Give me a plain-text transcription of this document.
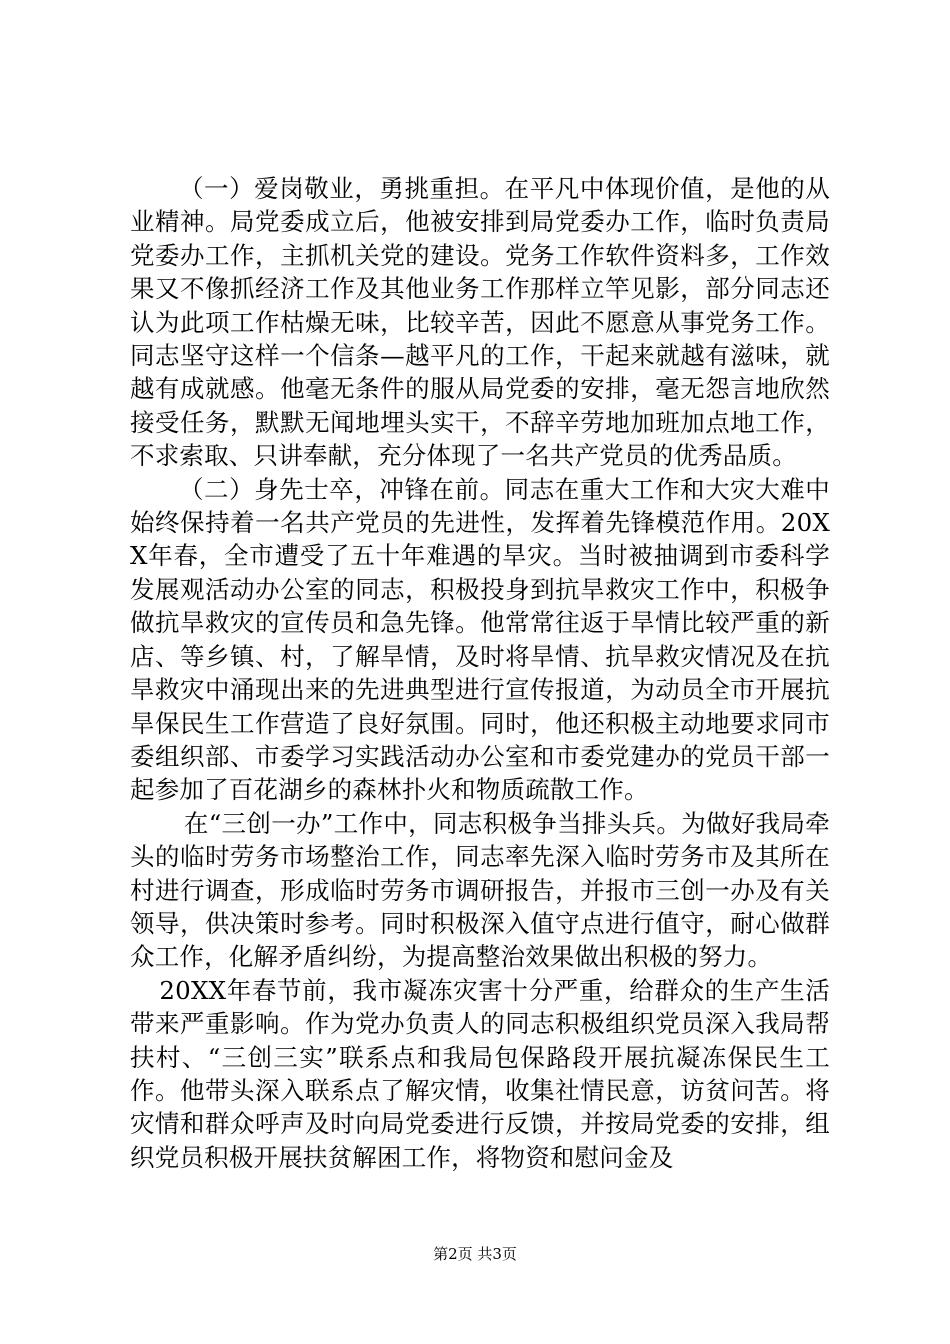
（一）爱岗敬业，勇挑重担。在平凡中体现价值，是他的从业精神。局党委成立后，他被安排到局党委办工作，临时负责局党委办工作，主抓机关党的建设。党务工作软件资料多，工作效果又不像抓经济工作及其他业务工作那样立竿见影，部分同志还认为此项工作枯燥无味，比较辛苦，因此不愿意从事党务工作。同志坚守这样一个信条—越平凡的工作，干起来就越有滋味，就越有成就感。他毫无条件的服从局党委的安排，毫无怨言地欣然接受任务，默默无闻地埋头实干，不辞辛劳地加班加点地工作，不求索取、只讲奉献，充分体现了一名共产党员的优秀品质。

（二）身先士卒，冲锋在前。同志在重大工作和大灾大难中始终保持着一名共产党员的先进性，发挥着先锋模范作用。20XX年春，全市遭受了五十年难遇的旱灾。当时被抽调到市委科学发展观活动办公室的同志，积极投身到抗旱救灾工作中，积极争做抗旱救灾的宣传员和急先锋。他常常往返于旱情比较严重的新店、等乡镇、村，了解旱情，及时将旱情、抗旱救灾情况及在抗旱救灾中涌现出来的先进典型进行宣传报道，为动员全市开展抗旱保民生工作营造了良好氛围。同时，他还积极主动地要求同市委组织部、市委学习实践活动办公室和市委党建办的党员干部一起参加了百花湖乡的森林扑火和物质疏散工作。

在“三创一办”工作中，同志积极争当排头兵。为做好我局牵头的临时劳务市场整治工作，同志率先深入临时劳务市及其所在村进行调查，形成临时劳务市调研报告，并报市三创一办及有关领导，供决策时参考。同时积极深入值守点进行值守，耐心做群众工作，化解矛盾纠纷，为提高整治效果做出积极的努力。

20XX年春节前，我市凝冻灾害十分严重，给群众的生产生活带来严重影响。作为党办负责人的同志积极组织党员深入我局帮扶村、“三创三实”联系点和我局包保路段开展抗凝冻保民生工作。他带头深入联系点了解灾情，收集社情民意，访贫问苦。将灾情和群众呼声及时向局党委进行反馈，并按局党委的安排，组织党员积极开展扶贫解困工作，将物资和慰问金及

第2页 共3页
